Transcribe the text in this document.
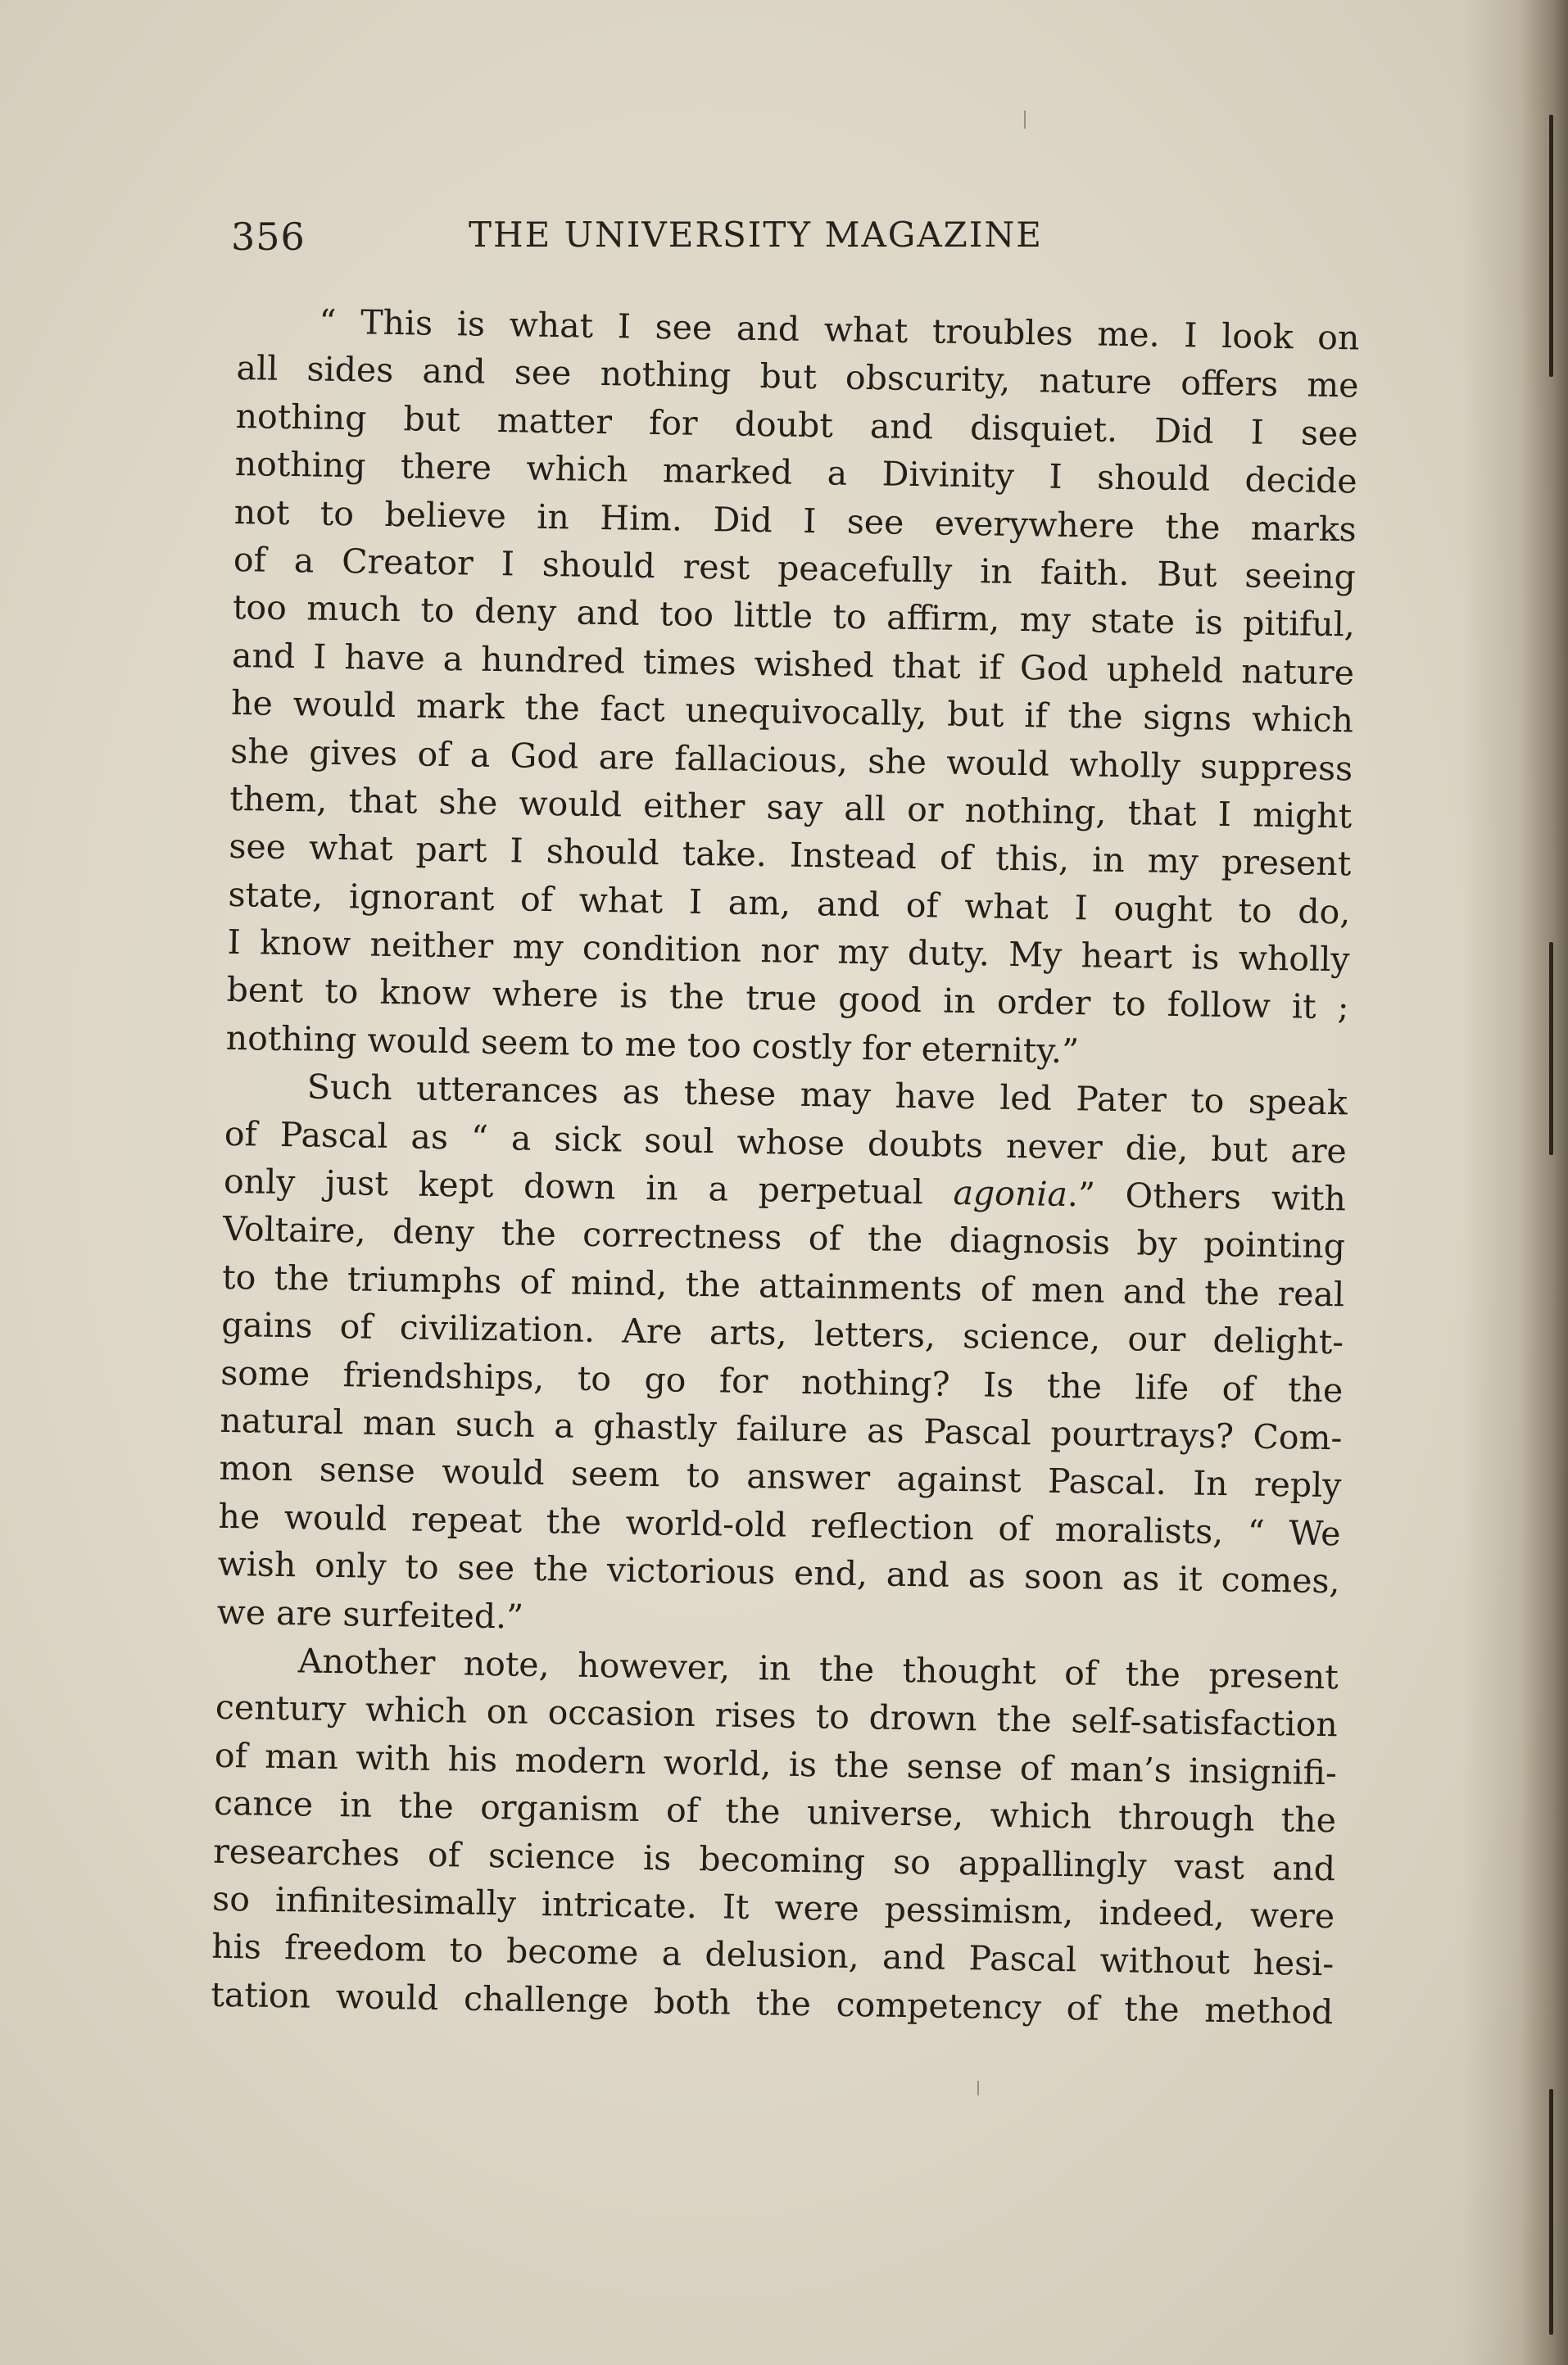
356	THE UNIVERSITY MAGAZINE
“ This is what I see and what troubles me. I look on
all sides and see nothing but obscurity, nature offers me
nothing but matter for doubt and disquiet. Did I see
nothing there which marked a Divinity I should decide
not to believe in Him. Did I see everywhere the marks
of a Creator I should rest peacefully in faith. But seeing
too much to deny and too little to affirm, my state is pitiful,
and I have a hundred times wished that if God upheld nature
he would mark the fact unequivocally, but if the signs which
she gives of a God are fallacious, she would wholly suppress
them, that she would either say all or nothing, that I might
see what part I should take. Instead of this, in my present
state, ignorant of what I am, and of what I ought to do,
I know neither my condition nor my duty. My heart is wholly
bent to know where is the true good in order to follow it ;
nothing would seem to me too costly for eternity.”
Such utterances as these may have led Pater to speak
of Pascal as “ a sick soul whose doubts never die, but are
only just kept down in a perpetual agonia.” Others with
Voltaire, deny the correctness of the diagnosis by pointing
to the triumphs of mind, the attainments of men and the real
gains of civilization. Are arts, letters, science, our delight-
some friendships, to go for nothing? Is the life of the
natural man such a ghastly failure as Pascal pourtrays? Com-
mon sense would seem to answer against Pascal. In reply
he would repeat the world-old reflection of moralists, “ We
wish only to see the victorious end, and as soon as it comes,
we are surfeited.”
Another note, however, in the thought of the present
century which on occasion rises to drown the self-satisfaction
of man with his modern world, is the sense of man’s insignifi-
cance in the organism of the universe, which through the
researches of science is becoming so appallingly vast and
so infinitesimally intricate. It were pessimism, indeed, were
his freedom to become a delusion, and Pascal without hesi-
tation would challenge both the competency of the method
